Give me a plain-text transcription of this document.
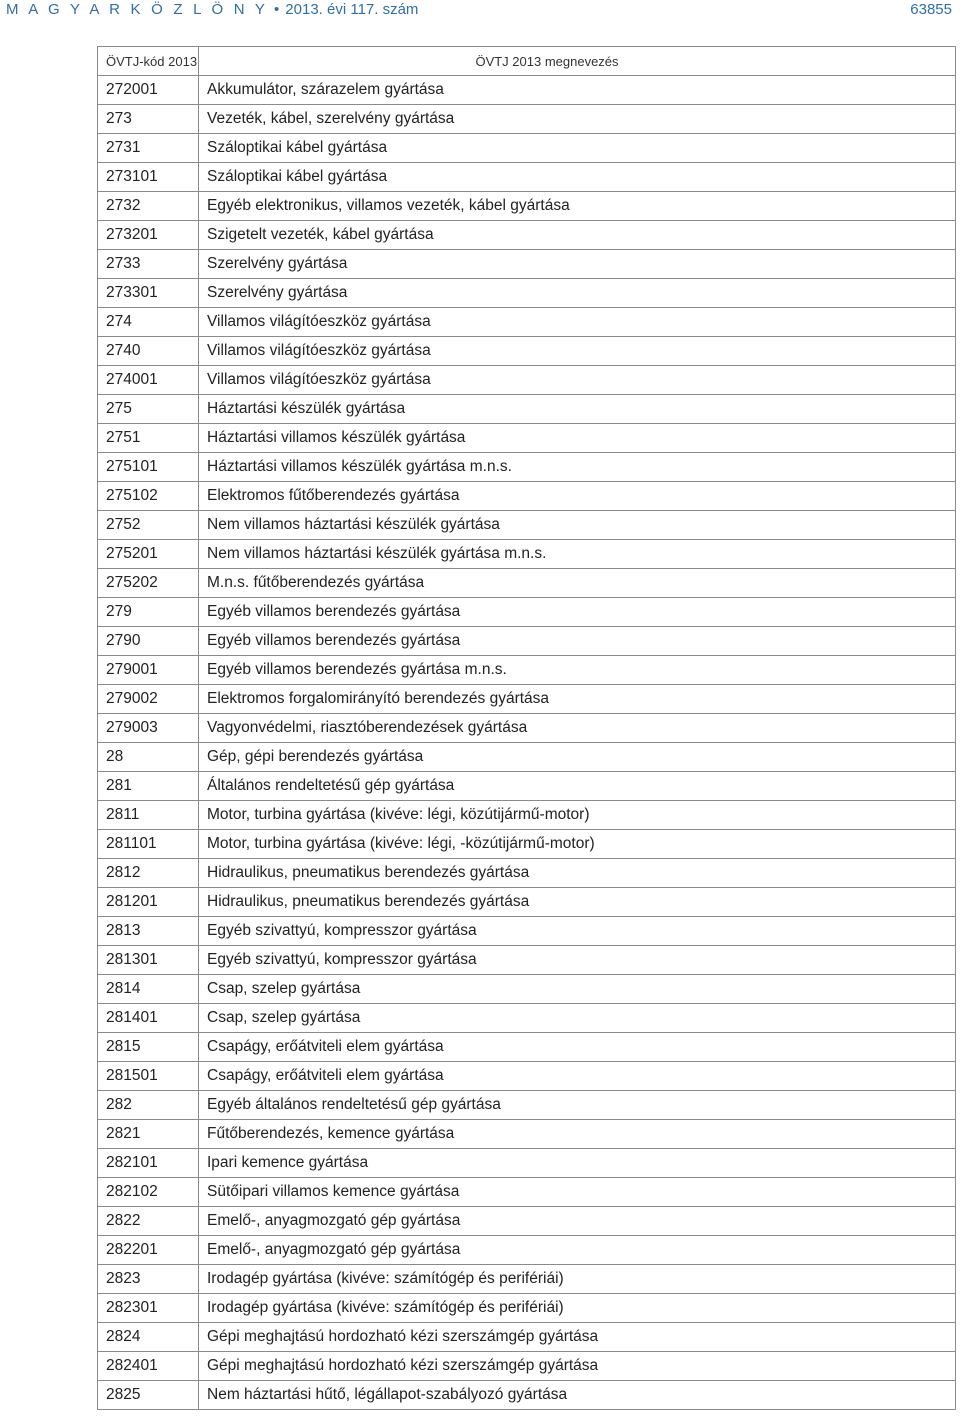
M A G Y A R K Ö Z L Ö N Y • 2013. évi 117. szám	63855
ÖVTJ-kód 2013	ÖVTJ 2013 megnevezés
272001	Akkumulátor, szárazelem gyártása
273	Vezeték, kábel, szerelvény gyártása
2731	Száloptikai kábel gyártása
273101	Száloptikai kábel gyártása
2732	Egyéb elektronikus, villamos vezeték, kábel gyártása
273201	Szigetelt vezeték, kábel gyártása
2733	Szerelvény gyártása
273301	Szerelvény gyártása
274	Villamos világítóeszköz gyártása
2740	Villamos világítóeszköz gyártása
274001	Villamos világítóeszköz gyártása
275	Háztartási készülék gyártása
2751	Háztartási villamos készülék gyártása
275101	Háztartási villamos készülék gyártása m.n.s.
275102	Elektromos fűtőberendezés gyártása
2752	Nem villamos háztartási készülék gyártása
275201	Nem villamos háztartási készülék gyártása m.n.s.
275202	M.n.s. fűtőberendezés gyártása
279	Egyéb villamos berendezés gyártása
2790	Egyéb villamos berendezés gyártása
279001	Egyéb villamos berendezés gyártása m.n.s.
279002	Elektromos forgalomirányító berendezés gyártása
279003	Vagyonvédelmi, riasztóberendezések gyártása
28	Gép, gépi berendezés gyártása
281	Általános rendeltetésű gép gyártása
2811	Motor, turbina gyártása (kivéve: légi, közútijármű-motor)
281101	Motor, turbina gyártása (kivéve: légi, -közútijármű-motor)
2812	Hidraulikus, pneumatikus berendezés gyártása
281201	Hidraulikus, pneumatikus berendezés gyártása
2813	Egyéb szivattyú, kompresszor gyártása
281301	Egyéb szivattyú, kompresszor gyártása
2814	Csap, szelep gyártása
281401	Csap, szelep gyártása
2815	Csapágy, erőátviteli elem gyártása
281501	Csapágy, erőátviteli elem gyártása
282	Egyéb általános rendeltetésű gép gyártása
2821	Fűtőberendezés, kemence gyártása
282101	Ipari kemence gyártása
282102	Sütőipari villamos kemence gyártása
2822	Emelő-, anyagmozgató gép gyártása
282201	Emelő-, anyagmozgató gép gyártása
2823	Irodagép gyártása (kivéve: számítógép és perifériái)
282301	Irodagép gyártása (kivéve: számítógép és perifériái)
2824	Gépi meghajtású hordozható kézi szerszámgép gyártása
282401	Gépi meghajtású hordozható kézi szerszámgép gyártása
2825	Nem háztartási hűtő, légállapot-szabályozó gyártása
